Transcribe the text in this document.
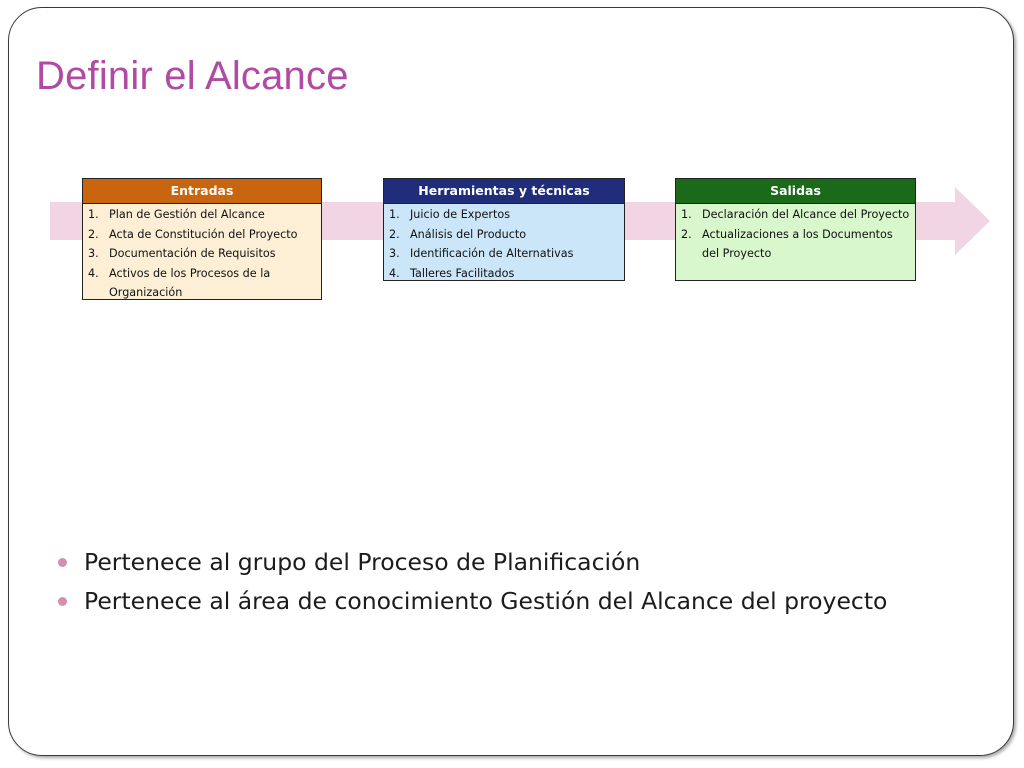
Definir el Alcance
Entradas
1. Plan de Gestión del Alcance
2. Acta de Constitución del Proyecto
3. Documentación de Requisitos
4. Activos de los Procesos de la Organización
Herramientas y técnicas
1. Juicio de Expertos
2. Análisis del Producto
3. Identificación de Alternativas
4. Talleres Facilitados
Salidas
1. Declaración del Alcance del Proyecto
2. Actualizaciones a los Documentos del Proyecto
Pertenece al grupo del Proceso de Planificación
Pertenece al área de conocimiento Gestión del Alcance del proyecto
